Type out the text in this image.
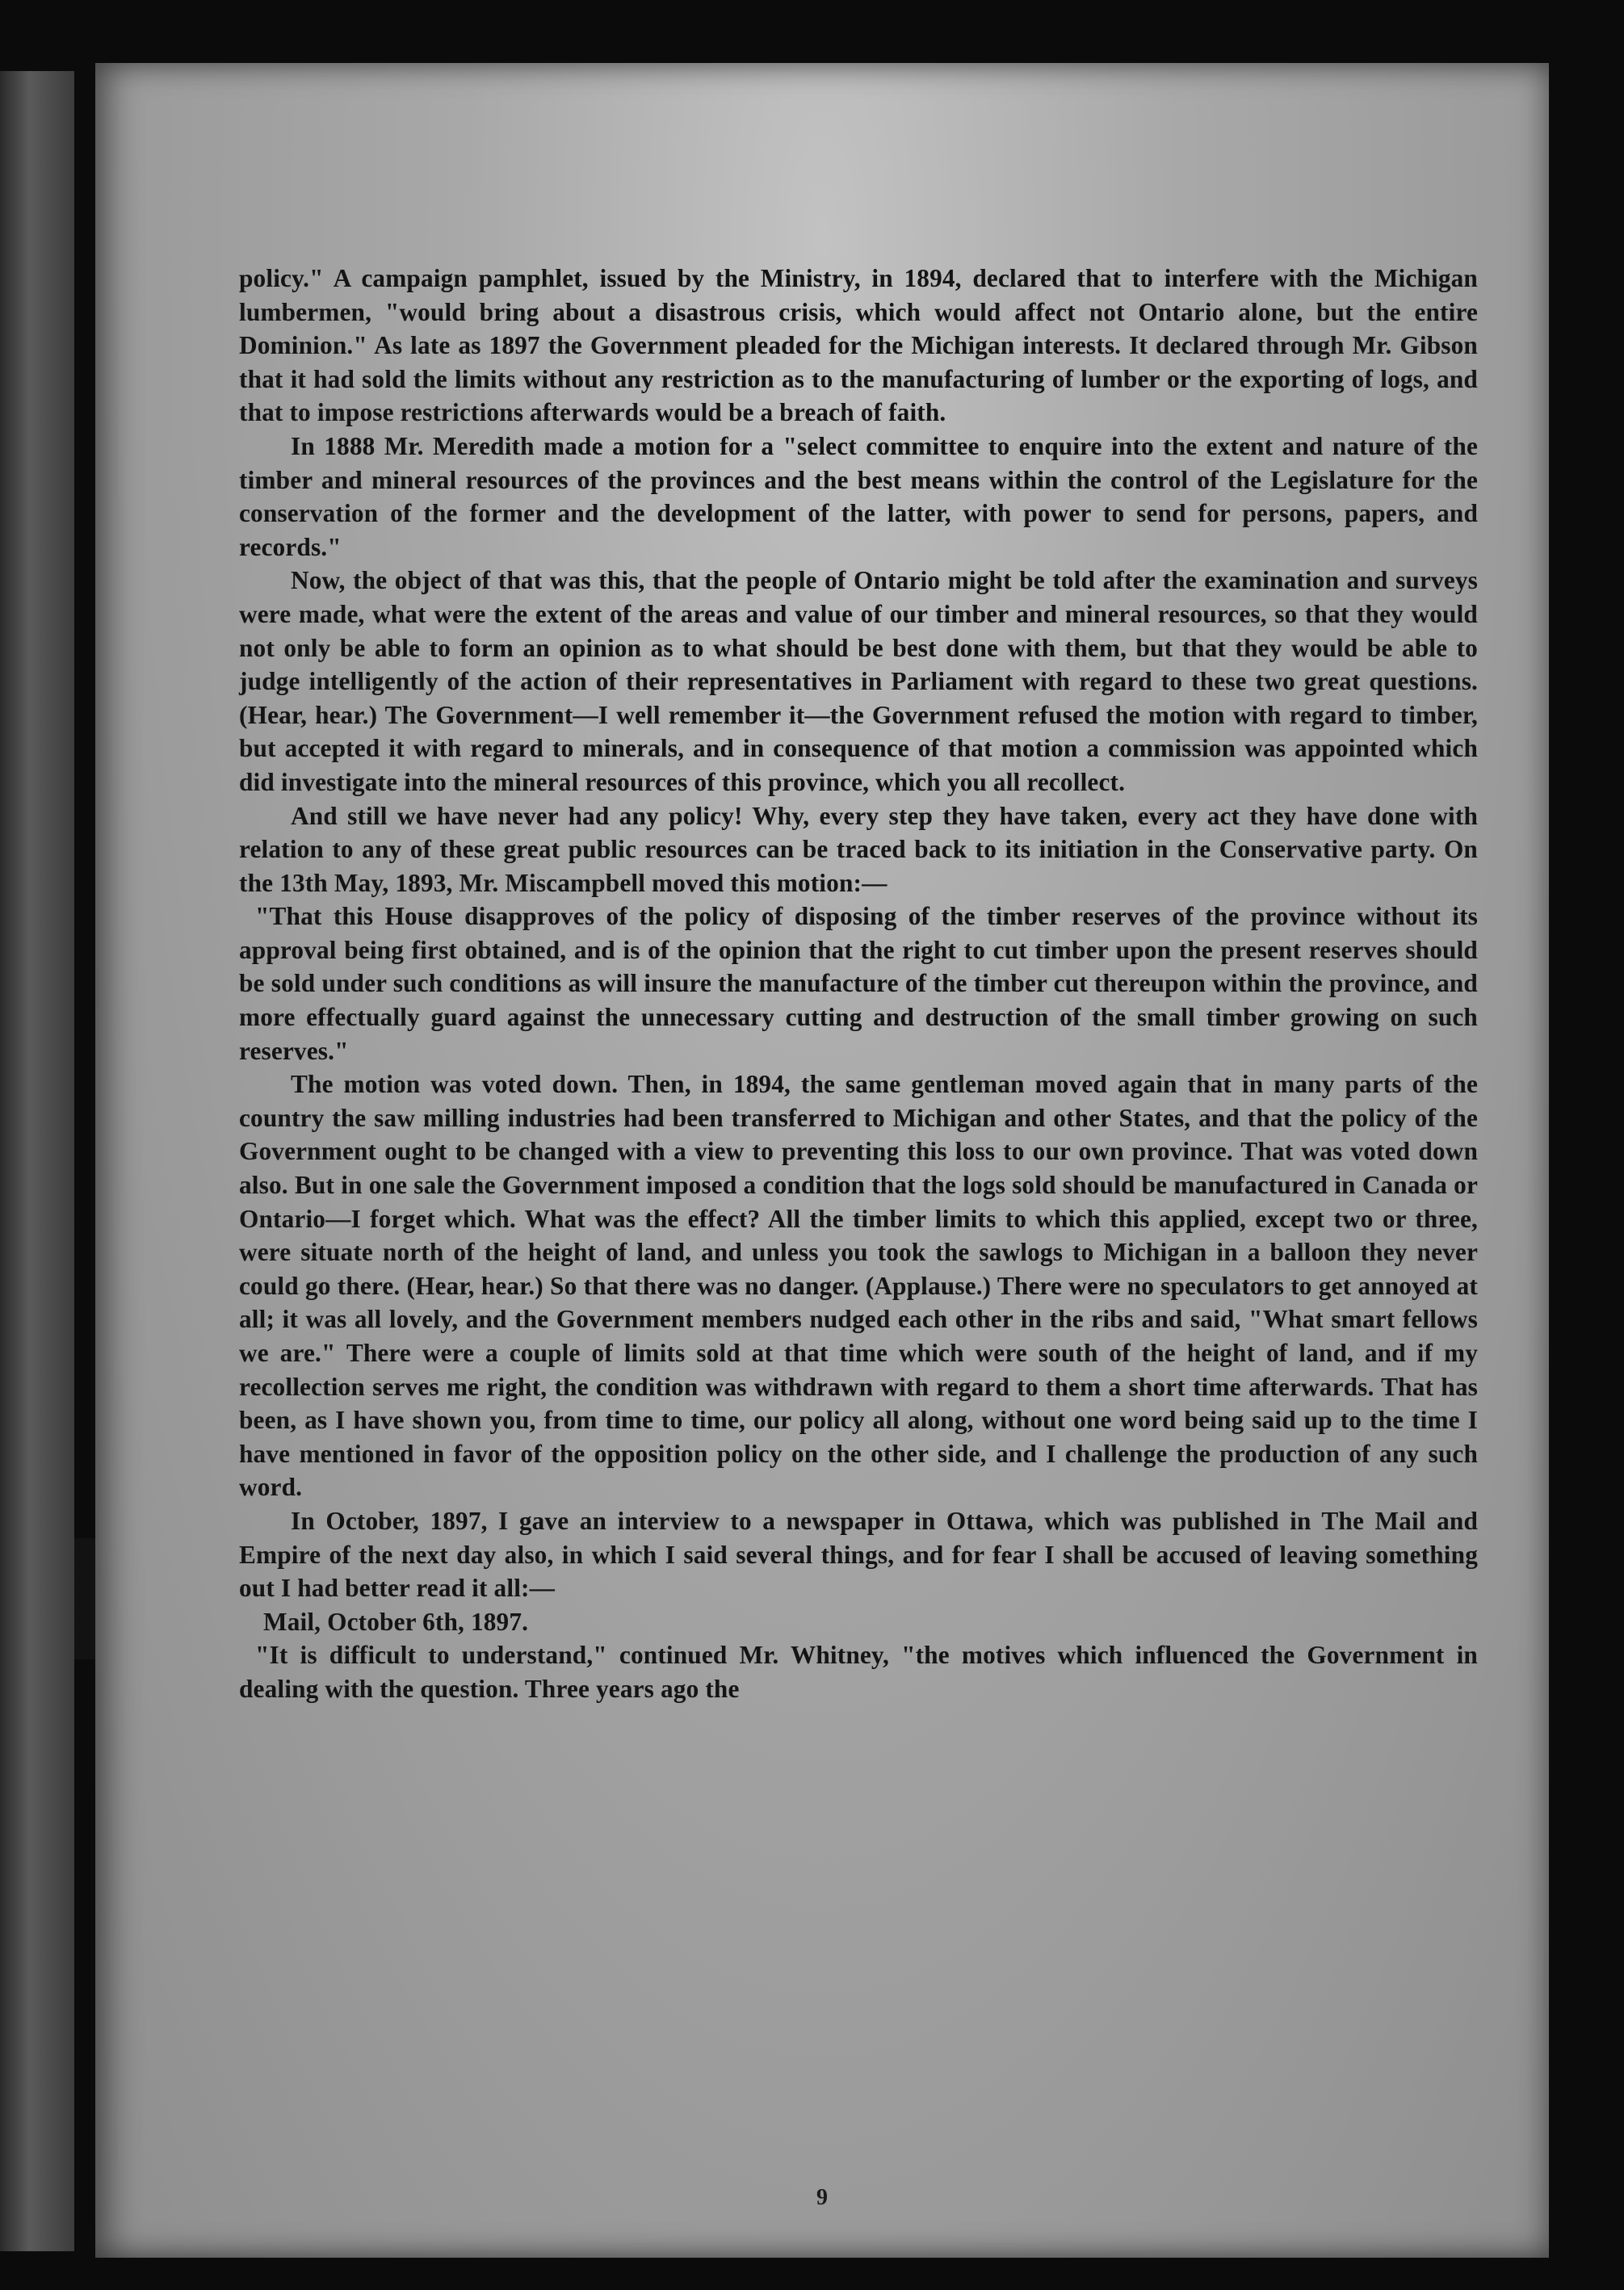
policy." A campaign pamphlet, issued by the Ministry, in 1894, declared that to interfere with the Michigan lumbermen, "would bring about a disastrous crisis, which would affect not Ontario alone, but the entire Dominion." As late as 1897 the Government pleaded for the Michigan interests. It declared through Mr. Gibson that it had sold the limits without any restriction as to the manufacturing of lumber or the exporting of logs, and that to impose restrictions afterwards would be a breach of faith.

In 1888 Mr. Meredith made a motion for a "select committee to enquire into the extent and nature of the timber and mineral resources of the provinces and the best means within the control of the Legislature for the conservation of the former and the development of the latter, with power to send for persons, papers, and records."

Now, the object of that was this, that the people of Ontario might be told after the examination and surveys were made, what were the extent of the areas and value of our timber and mineral resources, so that they would not only be able to form an opinion as to what should be best done with them, but that they would be able to judge intelligently of the action of their representatives in Parliament with regard to these two great questions. (Hear, hear.) The Government—I well remember it—the Government refused the motion with regard to timber, but accepted it with regard to minerals, and in consequence of that motion a commission was appointed which did investigate into the mineral resources of this province, which you all recollect.

And still we have never had any policy! Why, every step they have taken, every act they have done with relation to any of these great public resources can be traced back to its initiation in the Conservative party. On the 13th May, 1893, Mr. Miscampbell moved this motion:—

"That this House disapproves of the policy of disposing of the timber reserves of the province without its approval being first obtained, and is of the opinion that the right to cut timber upon the present reserves should be sold under such conditions as will insure the manufacture of the timber cut thereupon within the province, and more effectually guard against the unnecessary cutting and destruction of the small timber growing on such reserves."

The motion was voted down. Then, in 1894, the same gentleman moved again that in many parts of the country the saw milling industries had been transferred to Michigan and other States, and that the policy of the Government ought to be changed with a view to preventing this loss to our own province. That was voted down also. But in one sale the Government imposed a condition that the logs sold should be manufactured in Canada or Ontario—I forget which. What was the effect? All the timber limits to which this applied, except two or three, were situate north of the height of land, and unless you took the sawlogs to Michigan in a balloon they never could go there. (Hear, hear.) So that there was no danger. (Applause.) There were no speculators to get annoyed at all; it was all lovely, and the Government members nudged each other in the ribs and said, "What smart fellows we are." There were a couple of limits sold at that time which were south of the height of land, and if my recollection serves me right, the condition was withdrawn with regard to them a short time afterwards. That has been, as I have shown you, from time to time, our policy all along, without one word being said up to the time I have mentioned in favor of the opposition policy on the other side, and I challenge the production of any such word.

In October, 1897, I gave an interview to a newspaper in Ottawa, which was published in The Mail and Empire of the next day also, in which I said several things, and for fear I shall be accused of leaving something out I had better read it all:—

Mail, October 6th, 1897.

"It is difficult to understand," continued Mr. Whitney, "the motives which influenced the Government in dealing with the question. Three years ago the

9
